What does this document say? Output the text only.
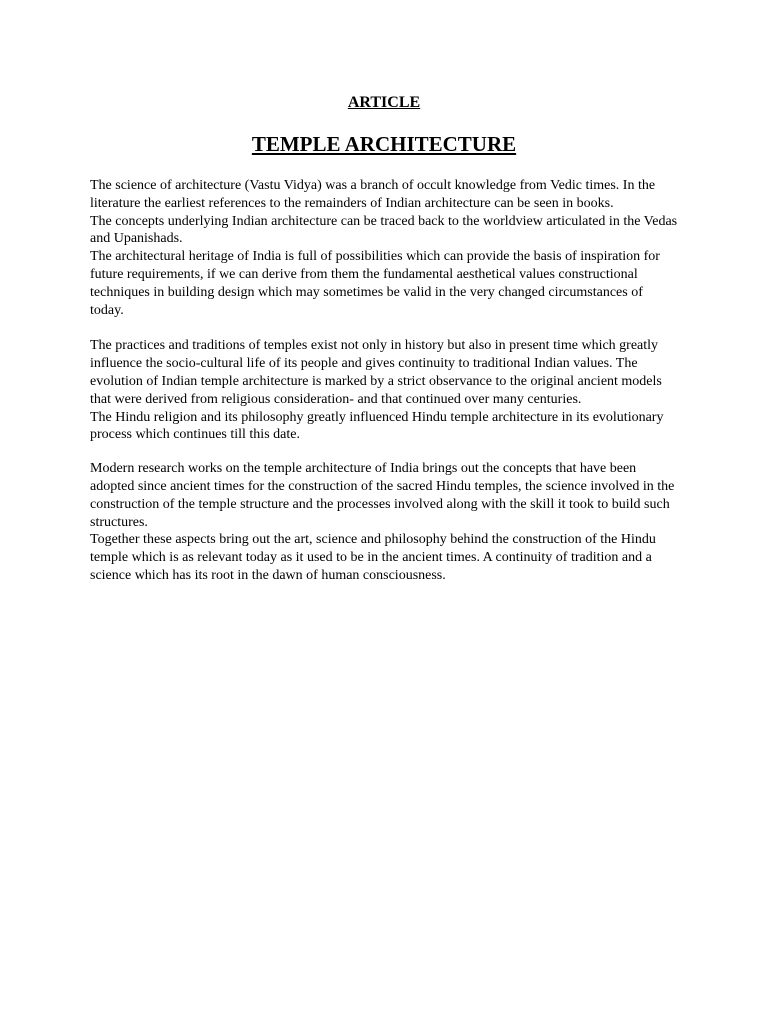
ARTICLE
TEMPLE ARCHITECTURE

The science of architecture (Vastu Vidya) was a branch of occult knowledge from Vedic times. In the literature the earliest references to the remainders of Indian architecture can be seen in books.

The concepts underlying Indian architecture can be traced back to the worldview articulated in the Vedas and Upanishads.

The architectural heritage of India is full of possibilities which can provide the basis of inspiration for future requirements, if we can derive from them the fundamental aesthetical values constructional techniques in building design which may sometimes be valid in the very changed circumstances of today.

The practices and traditions of temples exist not only in history but also in present time which greatly influence the socio-cultural life of its people and gives continuity to traditional Indian values. The evolution of Indian temple architecture is marked by a strict observance to the original ancient models that were derived from religious consideration- and that continued over many centuries.

The Hindu religion and its philosophy greatly influenced Hindu temple architecture in its evolutionary process which continues till this date.

Modern research works on the temple architecture of India brings out the concepts that have been adopted since ancient times for the construction of the sacred Hindu temples, the science involved in the construction of the temple structure and the processes involved along with the skill it took to build such structures.

Together these aspects bring out the art, science and philosophy behind the construction of the Hindu temple which is as relevant today as it used to be in the ancient times. A continuity of tradition and a science which has its root in the dawn of human consciousness.
